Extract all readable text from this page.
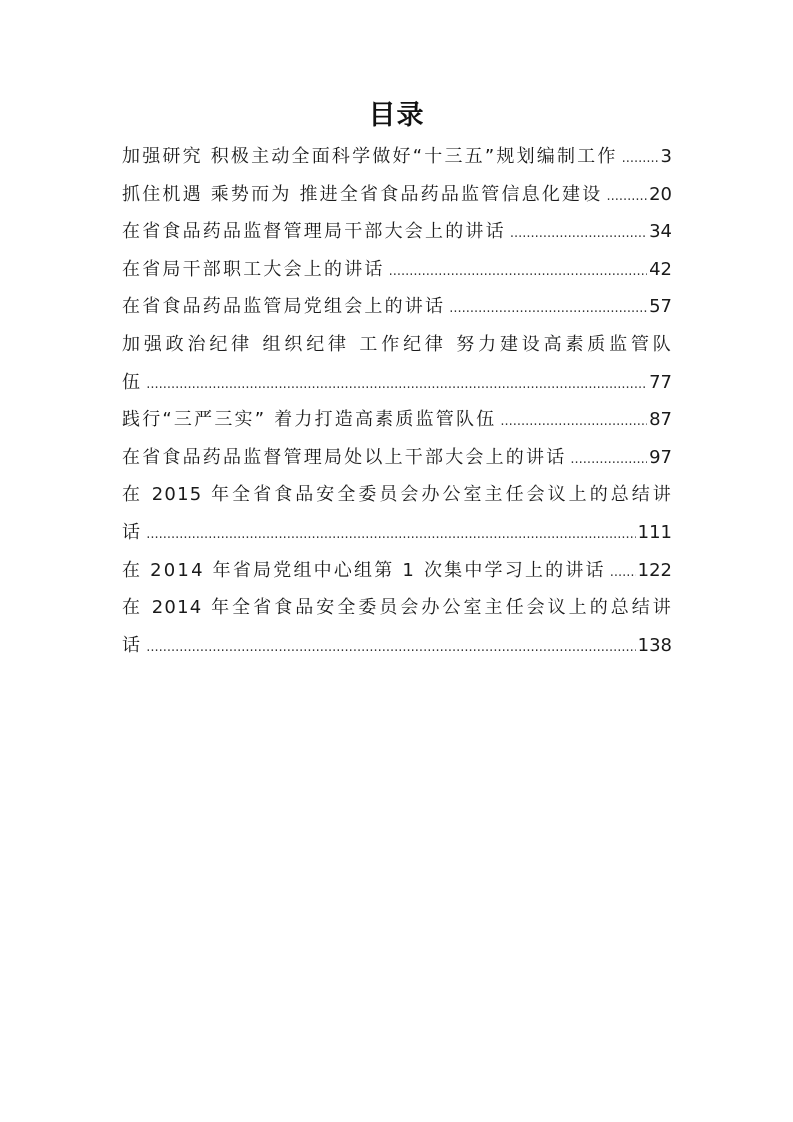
目录
加强研究 积极主动全面科学做好“十三五”规划编制工作 ..... 3
抓住机遇 乘势而为 推进全省食品药品监管信息化建设 .....	20
在省食品药品监督管理局干部大会上的讲话 .....	34
在省局干部职工大会上的讲话 .....	42
在省食品药品监管局党组会上的讲话 .....	57
加强政治纪律 组织纪律 工作纪律 努力建设高素质监管队
伍 .....	77
践行“三严三实” 着力打造高素质监管队伍 .....	87
在省食品药品监督管理局处以上干部大会上的讲话 .....	97
在 2015 年全省食品安全委员会办公室主任会议上的总结讲
话 .....	111
在 2014 年省局党组中心组第 1 次集中学习上的讲话 ..... 122
在 2014 年全省食品安全委员会办公室主任会议上的总结讲
话 .....	138
